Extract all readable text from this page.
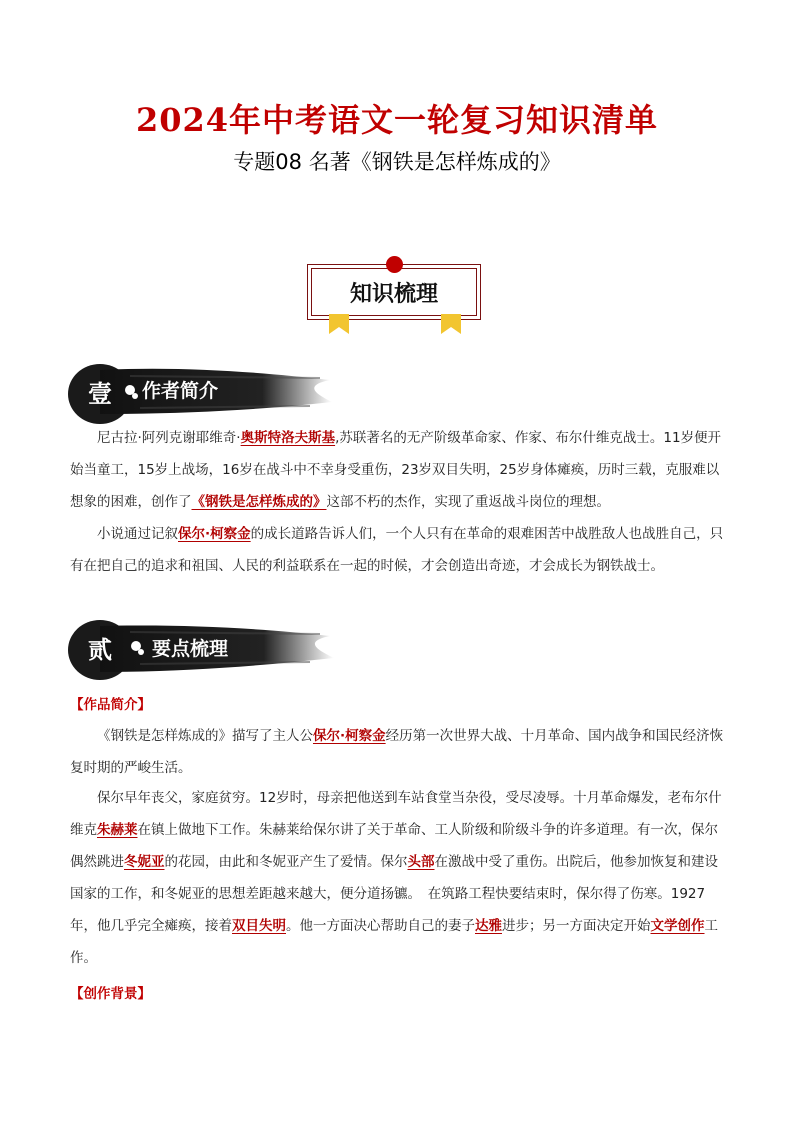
2024年中考语文一轮复习知识清单
专题08 名著《钢铁是怎样炼成的》
知识梳理
壹 作者简介
尼古拉·阿列克谢耶维奇·奥斯特洛夫斯基,苏联著名的无产阶级革命家、作家、布尔什维克战士。11岁便开始当童工，15岁上战场，16岁在战斗中不幸身受重伤，23岁双目失明，25岁身体瘫痪，历时三载，克服难以想象的困难，创作了《钢铁是怎样炼成的》这部不朽的杰作，实现了重返战斗岗位的理想。
小说通过记叙保尔·柯察金的成长道路告诉人们，一个人只有在革命的艰难困苦中战胜敌人也战胜自己，只有在把自己的追求和祖国、人民的利益联系在一起的时候，才会创造出奇迹，才会成长为钢铁战士。
贰 要点梳理
【作品简介】
《钢铁是怎样炼成的》描写了主人公保尔·柯察金经历第一次世界大战、十月革命、国内战争和国民经济恢复时期的严峻生活。
保尔早年丧父，家庭贫穷。12岁时，母亲把他送到车站食堂当杂役，受尽凌辱。十月革命爆发，老布尔什维克朱赫莱在镇上做地下工作。朱赫莱给保尔讲了关于革命、工人阶级和阶级斗争的许多道理。有一次，保尔偶然跳进冬妮亚的花园，由此和冬妮亚产生了爱情。保尔头部在激战中受了重伤。出院后，他参加恢复和建设国家的工作，和冬妮亚的思想差距越来越大，便分道扬镳。　在筑路工程快要结束时，保尔得了伤寒。1927年，他几乎完全瘫痪，接着双目失明。他一方面决心帮助自己的妻子达雅进步；另一方面决定开始文学创作工作。
【创作背景】
